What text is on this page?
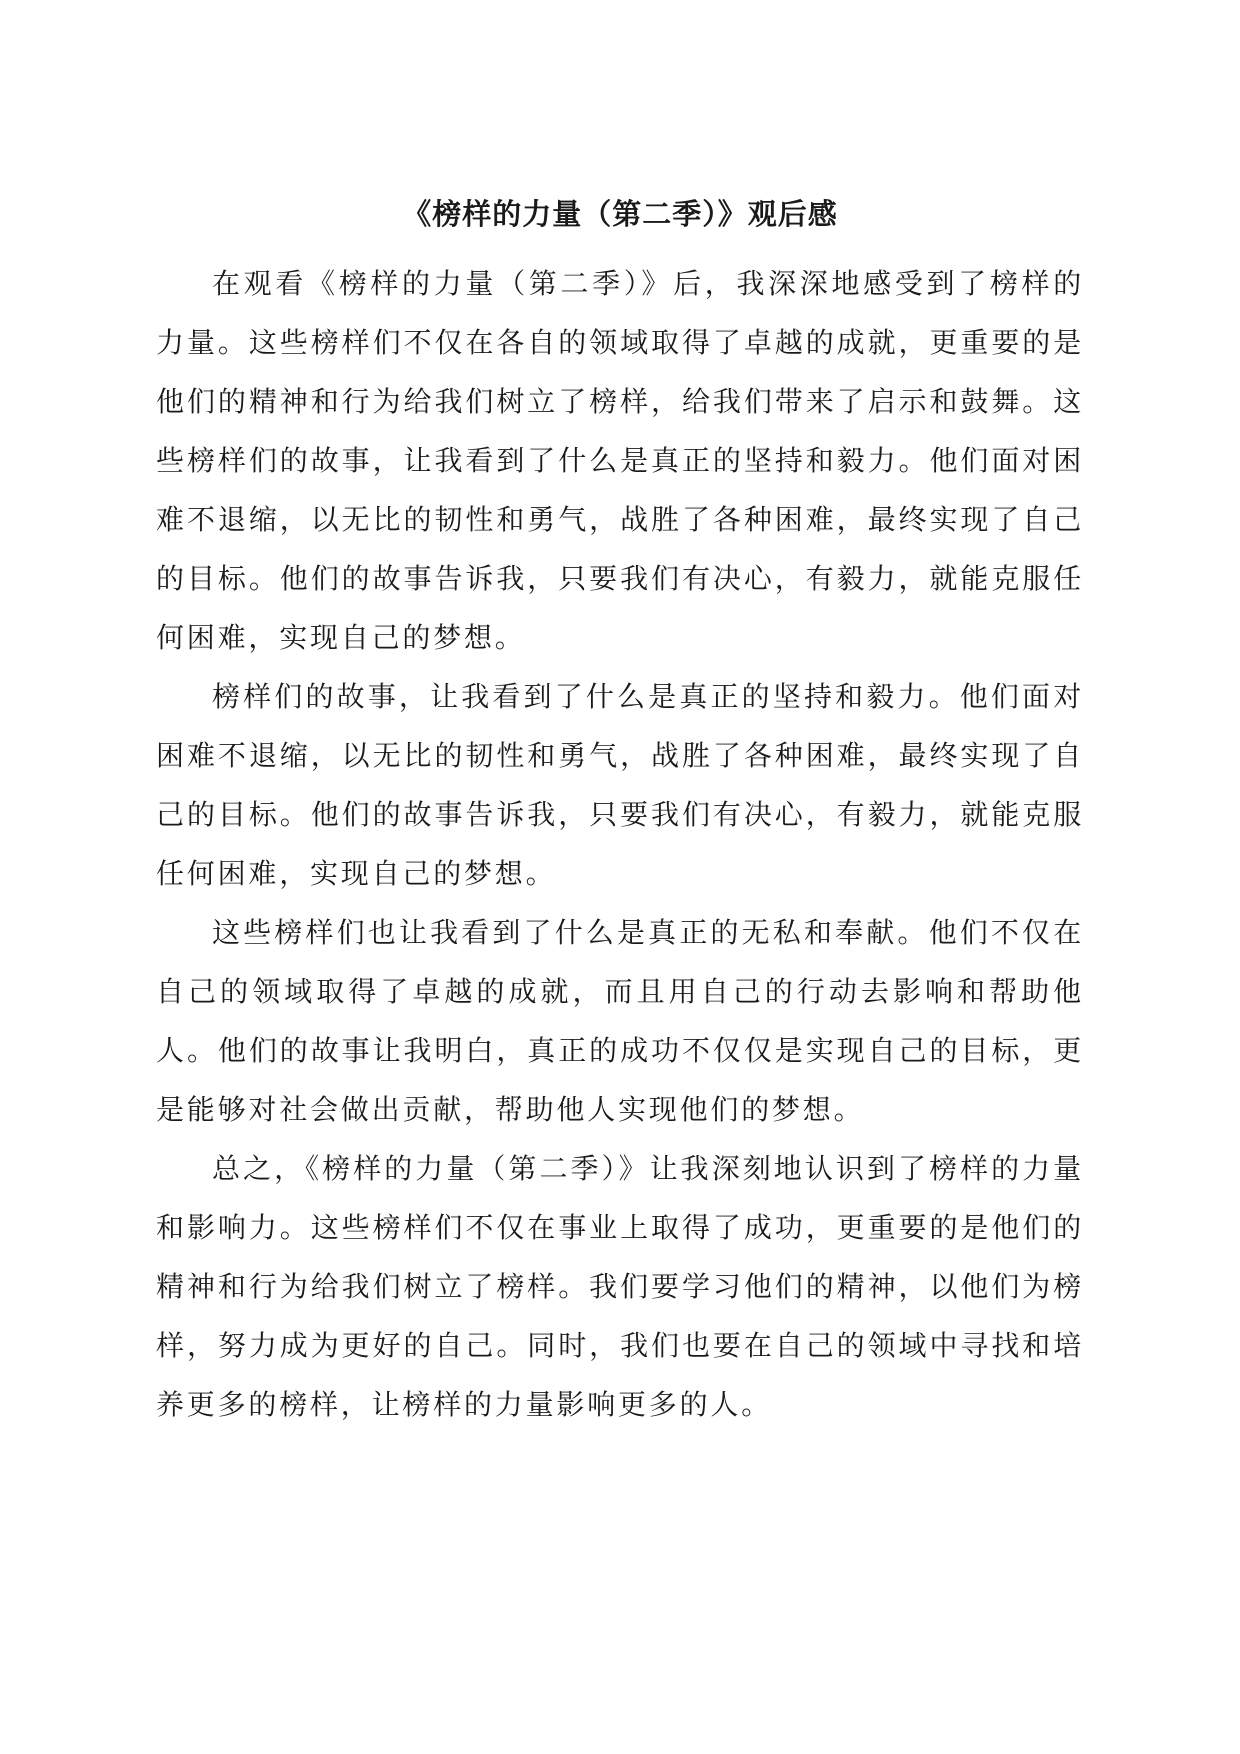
《榜样的力量（第二季）》观后感

在观看《榜样的力量（第二季）》后，我深深地感受到了榜样的力量。这些榜样们不仅在各自的领域取得了卓越的成就，更重要的是他们的精神和行为给我们树立了榜样，给我们带来了启示和鼓舞。这些榜样们的故事，让我看到了什么是真正的坚持和毅力。他们面对困难不退缩，以无比的韧性和勇气，战胜了各种困难，最终实现了自己的目标。他们的故事告诉我，只要我们有决心，有毅力，就能克服任何困难，实现自己的梦想。

榜样们的故事，让我看到了什么是真正的坚持和毅力。他们面对困难不退缩，以无比的韧性和勇气，战胜了各种困难，最终实现了自己的目标。他们的故事告诉我，只要我们有决心，有毅力，就能克服任何困难，实现自己的梦想。

这些榜样们也让我看到了什么是真正的无私和奉献。他们不仅在自己的领域取得了卓越的成就，而且用自己的行动去影响和帮助他人。他们的故事让我明白，真正的成功不仅仅是实现自己的目标，更是能够对社会做出贡献，帮助他人实现他们的梦想。

总之，《榜样的力量（第二季）》让我深刻地认识到了榜样的力量和影响力。这些榜样们不仅在事业上取得了成功，更重要的是他们的精神和行为给我们树立了榜样。我们要学习他们的精神，以他们为榜样，努力成为更好的自己。同时，我们也要在自己的领域中寻找和培养更多的榜样，让榜样的力量影响更多的人。
